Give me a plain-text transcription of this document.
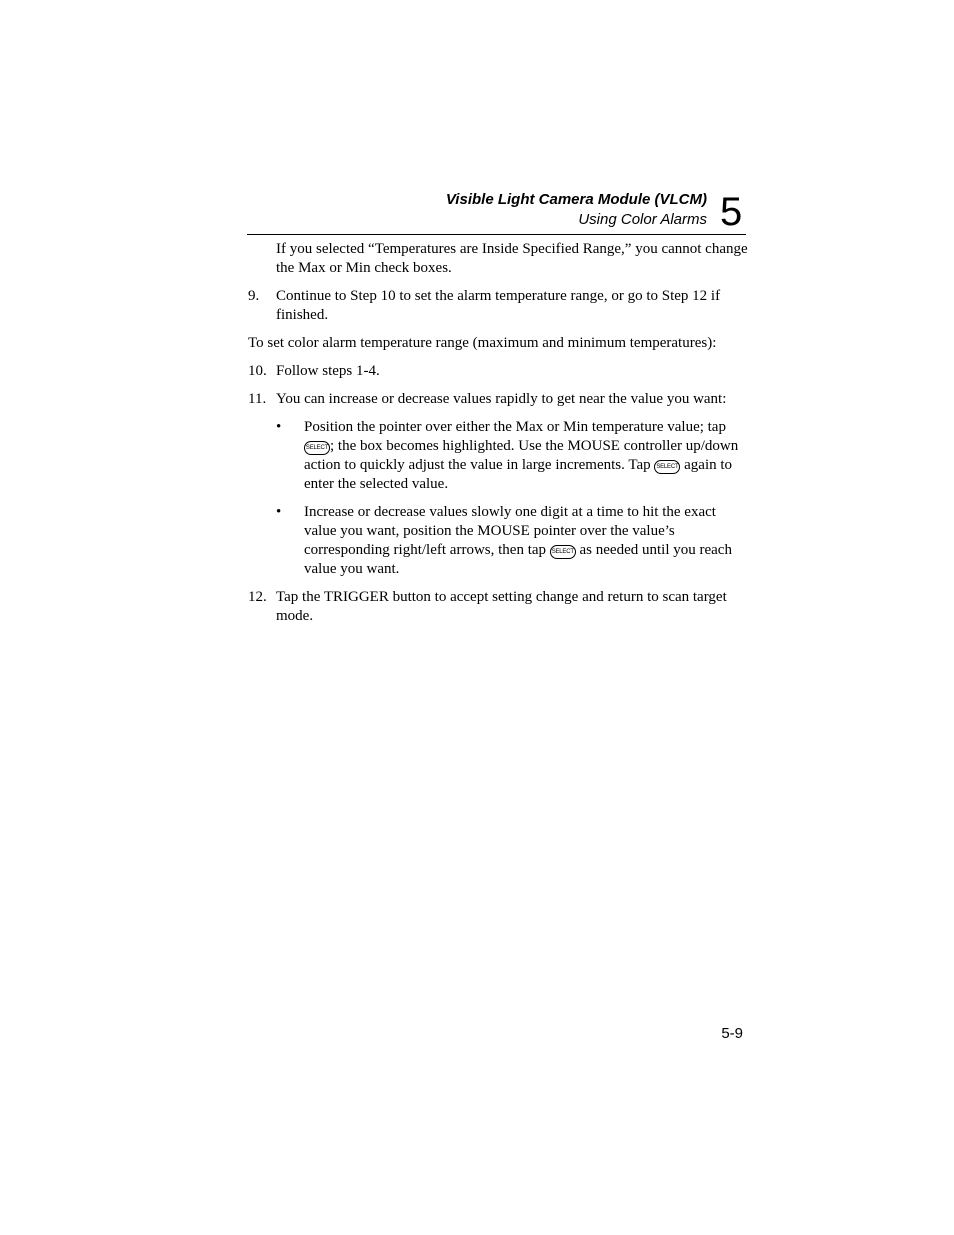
Visible Light Camera Module (VLCM)
Using Color Alarms 5

If you selected “Temperatures are Inside Specified Range,” you cannot change the Max or Min check boxes.

9.	Continue to Step 10 to set the alarm temperature range, or go to Step 12 if finished.

To set color alarm temperature range (maximum and minimum temperatures):

10. Follow steps 1-4.
11. You can increase or decrease values rapidly to get near the value you want:
•	Position the pointer over either the Max or Min temperature value; tap
SELECT ; the box becomes highlighted. Use the MOUSE controller up/down action to quickly adjust the value in large increments. Tap SELECT again to enter the selected value.
•	Increase or decrease values slowly one digit at a time to hit the exact value you want, position the MOUSE pointer over the value’s corresponding right/left arrows, then tap SELECT as needed until you reach value you want.
12. Tap the TRIGGER button to accept setting change and return to scan target mode.
5-9
